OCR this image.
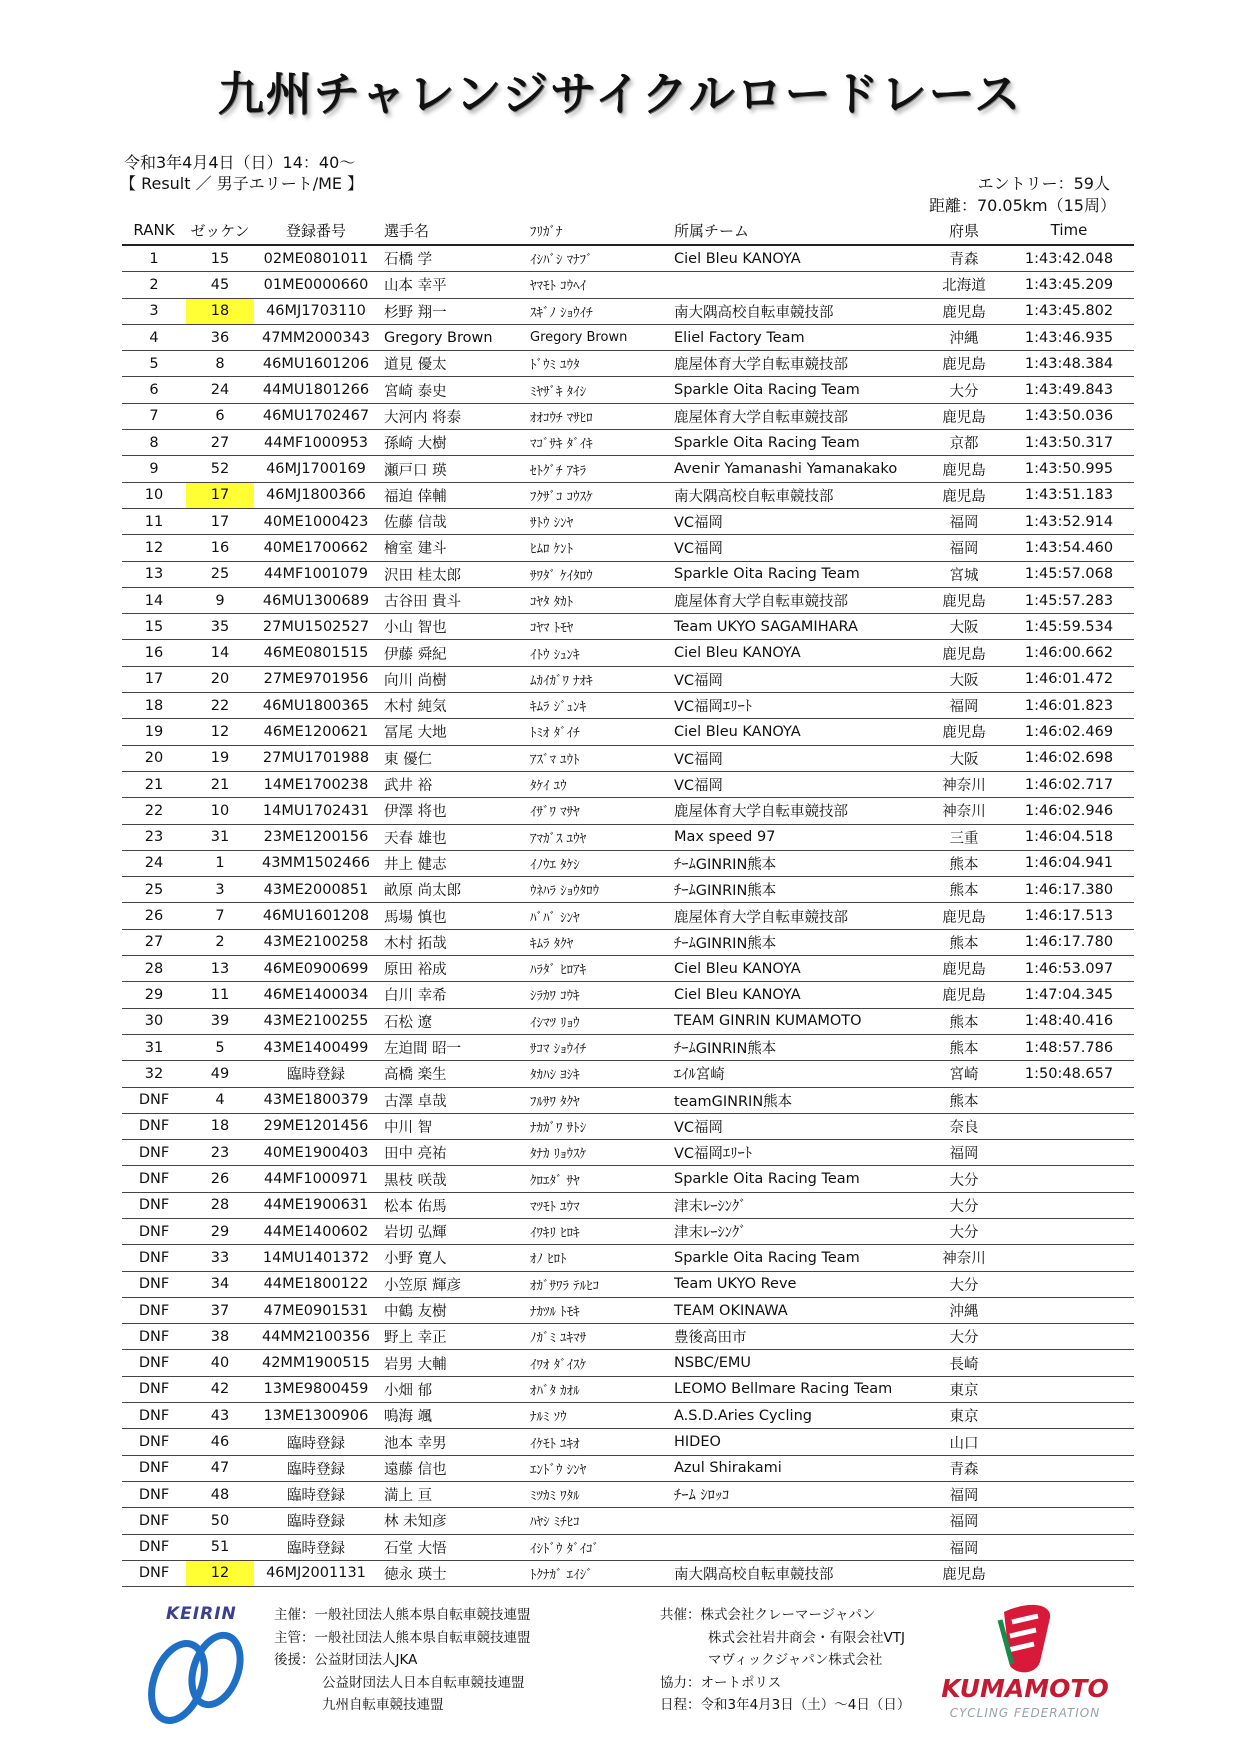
九州チャレンジサイクルロードレース
令和3年4月4日（日）14：40～
【 Result ／ 男子エリート/ME 】	エントリー：59人
距離：70.05km（15周）
RANK	ゼッケン	登録番号	選手名	ﾌﾘｶﾞﾅ	所属チーム	府県	Time
1	15	02ME0801011	石橋 学	ｲｼﾊﾞｼ ﾏﾅﾌﾞ	Ciel Bleu KANOYA	青森	1:43:42.048
2	45	01ME0000660	山本 幸平	ﾔﾏﾓﾄ ｺｳﾍｲ		北海道	1:43:45.209
3	18	46MJ1703110	杉野 翔一	ｽｷﾞﾉ ｼｮｳｲﾁ	南大隅高校自転車競技部	鹿児島	1:43:45.802
4	36	47MM2000343	Gregory Brown	Gregory Brown	Eliel Factory Team	沖縄	1:43:46.935
5	8	46MU1601206	道見 優太	ﾄﾞｳﾐ ﾕｳﾀ	鹿屋体育大学自転車競技部	鹿児島	1:43:48.384
6	24	44MU1801266	宮崎 泰史	ﾐﾔｻﾞｷ ﾀｲｼ	Sparkle Oita Racing Team	大分	1:43:49.843
7	6	46MU1702467	大河内 将泰	ｵｵｺｳﾁ ﾏｻﾋﾛ	鹿屋体育大学自転車競技部	鹿児島	1:43:50.036
8	27	44MF1000953	孫崎 大樹	ﾏｺﾞｻｷ ﾀﾞｲｷ	Sparkle Oita Racing Team	京都	1:43:50.317
9	52	46MJ1700169	瀬戸口 瑛	ｾﾄｸﾞﾁ ｱｷﾗ	Avenir Yamanashi Yamanakako	鹿児島	1:43:50.995
10	17	46MJ1800366	福迫 倖輔	ﾌｸｻﾞｺ ｺｳｽｹ	南大隅高校自転車競技部	鹿児島	1:43:51.183
11	17	40ME1000423	佐藤 信哉	ｻﾄｳ ｼﾝﾔ	VC福岡	福岡	1:43:52.914
12	16	40ME1700662	檜室 建斗	ﾋﾑﾛ ｹﾝﾄ	VC福岡	福岡	1:43:54.460
13	25	44MF1001079	沢田 桂太郎	ｻﾜﾀﾞ ｹｲﾀﾛｳ	Sparkle Oita Racing Team	宮城	1:45:57.068
14	9	46MU1300689	古谷田 貴斗	ｺﾔﾀ ﾀｶﾄ	鹿屋体育大学自転車競技部	鹿児島	1:45:57.283
15	35	27MU1502527	小山 智也	ｺﾔﾏ ﾄﾓﾔ	Team UKYO SAGAMIHARA	大阪	1:45:59.534
16	14	46ME0801515	伊藤 舜紀	ｲﾄｳ ｼｭﾝｷ	Ciel Bleu KANOYA	鹿児島	1:46:00.662
17	20	27ME9701956	向川 尚樹	ﾑｶｲｶﾞﾜ ﾅｵｷ	VC福岡	大阪	1:46:01.472
18	22	46MU1800365	木村 純気	ｷﾑﾗ ｼﾞｭﾝｷ	VC福岡ｴﾘｰﾄ	福岡	1:46:01.823
19	12	46ME1200621	冨尾 大地	ﾄﾐｵ ﾀﾞｲﾁ	Ciel Bleu KANOYA	鹿児島	1:46:02.469
20	19	27MU1701988	東 優仁	ｱｽﾞﾏ ﾕｳﾄ	VC福岡	大阪	1:46:02.698
21	21	14ME1700238	武井 裕	ﾀｹｲ ﾕｳ	VC福岡	神奈川	1:46:02.717
22	10	14MU1702431	伊澤 将也	ｲｻﾞﾜ ﾏｻﾔ	鹿屋体育大学自転車競技部	神奈川	1:46:02.946
23	31	23ME1200156	天春 雄也	ｱﾏｶﾞｽ ﾕｳﾔ	Max speed 97	三重	1:46:04.518
24	1	43MM1502466	井上 健志	ｲﾉｳｴ ﾀｹｼ	ﾁｰﾑGINRIN熊本	熊本	1:46:04.941
25	3	43ME2000851	畝原 尚太郎	ｳﾈﾊﾗ ｼｮｳﾀﾛｳ	ﾁｰﾑGINRIN熊本	熊本	1:46:17.380
26	7	46MU1601208	馬場 慎也	ﾊﾞﾊﾞ ｼﾝﾔ	鹿屋体育大学自転車競技部	鹿児島	1:46:17.513
27	2	43ME2100258	木村 拓哉	ｷﾑﾗ ﾀｸﾔ	ﾁｰﾑGINRIN熊本	熊本	1:46:17.780
28	13	46ME0900699	原田 裕成	ﾊﾗﾀﾞ ﾋﾛｱｷ	Ciel Bleu KANOYA	鹿児島	1:46:53.097
29	11	46ME1400034	白川 幸希	ｼﾗｶﾜ ｺｳｷ	Ciel Bleu KANOYA	鹿児島	1:47:04.345
30	39	43ME2100255	石松 遼	ｲｼﾏﾂ ﾘｮｳ	TEAM GINRIN KUMAMOTO	熊本	1:48:40.416
31	5	43ME1400499	左迫間 昭一	ｻｺﾏ ｼｮｳｲﾁ	ﾁｰﾑGINRIN熊本	熊本	1:48:57.786
32	49	臨時登録	高橋 楽生	ﾀｶﾊｼ ﾖｼｷ	ｴｲﾙ宮崎	宮崎	1:50:48.657
DNF	4	43ME1800379	古澤 卓哉	ﾌﾙｻﾜ ﾀｸﾔ	teamGINRIN熊本	熊本	
DNF	18	29ME1201456	中川 智	ﾅｶｶﾞﾜ ｻﾄｼ	VC福岡	奈良	
DNF	23	40ME1900403	田中 亮祐	ﾀﾅｶ ﾘｮｳｽｹ	VC福岡ｴﾘｰﾄ	福岡	
DNF	26	44MF1000971	黒枝 咲哉	ｸﾛｴﾀﾞ ｻﾔ	Sparkle Oita Racing Team	大分	
DNF	28	44ME1900631	松本 佑馬	ﾏﾂﾓﾄ ﾕｳﾏ	津末ﾚｰｼﾝｸﾞ	大分	
DNF	29	44ME1400602	岩切 弘輝	ｲﾜｷﾘ ﾋﾛｷ	津末ﾚｰｼﾝｸﾞ	大分	
DNF	33	14MU1401372	小野 寛人	ｵﾉ ﾋﾛﾄ	Sparkle Oita Racing Team	神奈川	
DNF	34	44ME1800122	小笠原 輝彦	ｵｶﾞｻﾜﾗ ﾃﾙﾋｺ	Team UKYO Reve	大分	
DNF	37	47ME0901531	中鶴 友樹	ﾅｶﾂﾙ ﾄﾓｷ	TEAM OKINAWA	沖縄	
DNF	38	44MM2100356	野上 幸正	ﾉｶﾞﾐ ﾕｷﾏｻ	豊後高田市	大分	
DNF	40	42MM1900515	岩男 大輔	ｲﾜｵ ﾀﾞｲｽｹ	NSBC/EMU	長崎	
DNF	42	13ME9800459	小畑 郁	ｵﾊﾞﾀ ｶｵﾙ	LEOMO Bellmare Racing Team	東京	
DNF	43	13ME1300906	鳴海 颯	ﾅﾙﾐ ｿｳ	A.S.D.Aries Cycling	東京	
DNF	46	臨時登録	池本 幸男	ｲｹﾓﾄ ﾕｷｵ	HIDEO	山口	
DNF	47	臨時登録	遠藤 信也	ｴﾝﾄﾞｳ ｼﾝﾔ	Azul Shirakami	青森	
DNF	48	臨時登録	満上 亘	ﾐﾂｶﾐ ﾜﾀﾙ	ﾁｰﾑ ｼﾛｯｺ	福岡	
DNF	50	臨時登録	林 未知彦	ﾊﾔｼ ﾐﾁﾋｺ		福岡	
DNF	51	臨時登録	石堂 大悟	ｲｼﾄﾞｳ ﾀﾞｲｺﾞ		福岡	
DNF	12	46MJ2001131	徳永 瑛士	ﾄｸﾅｶﾞ ｴｲｼﾞ	南大隅高校自転車競技部	鹿児島	
KEIRIN	主催：一般社団法人熊本県自転車競技連盟
主管：一般社団法人熊本県自転車競技連盟
後援：公益財団法人JKA
公益財団法人日本自転車競技連盟
九州自転車競技連盟
共催：株式会社クレーマージャパン
株式会社岩井商会・有限会社VTJ
マヴィックジャパン株式会社
協力：オートポリス
日程：令和3年4月3日（土）～4日（日）
KUMAMOTO
CYCLING FEDERATION
